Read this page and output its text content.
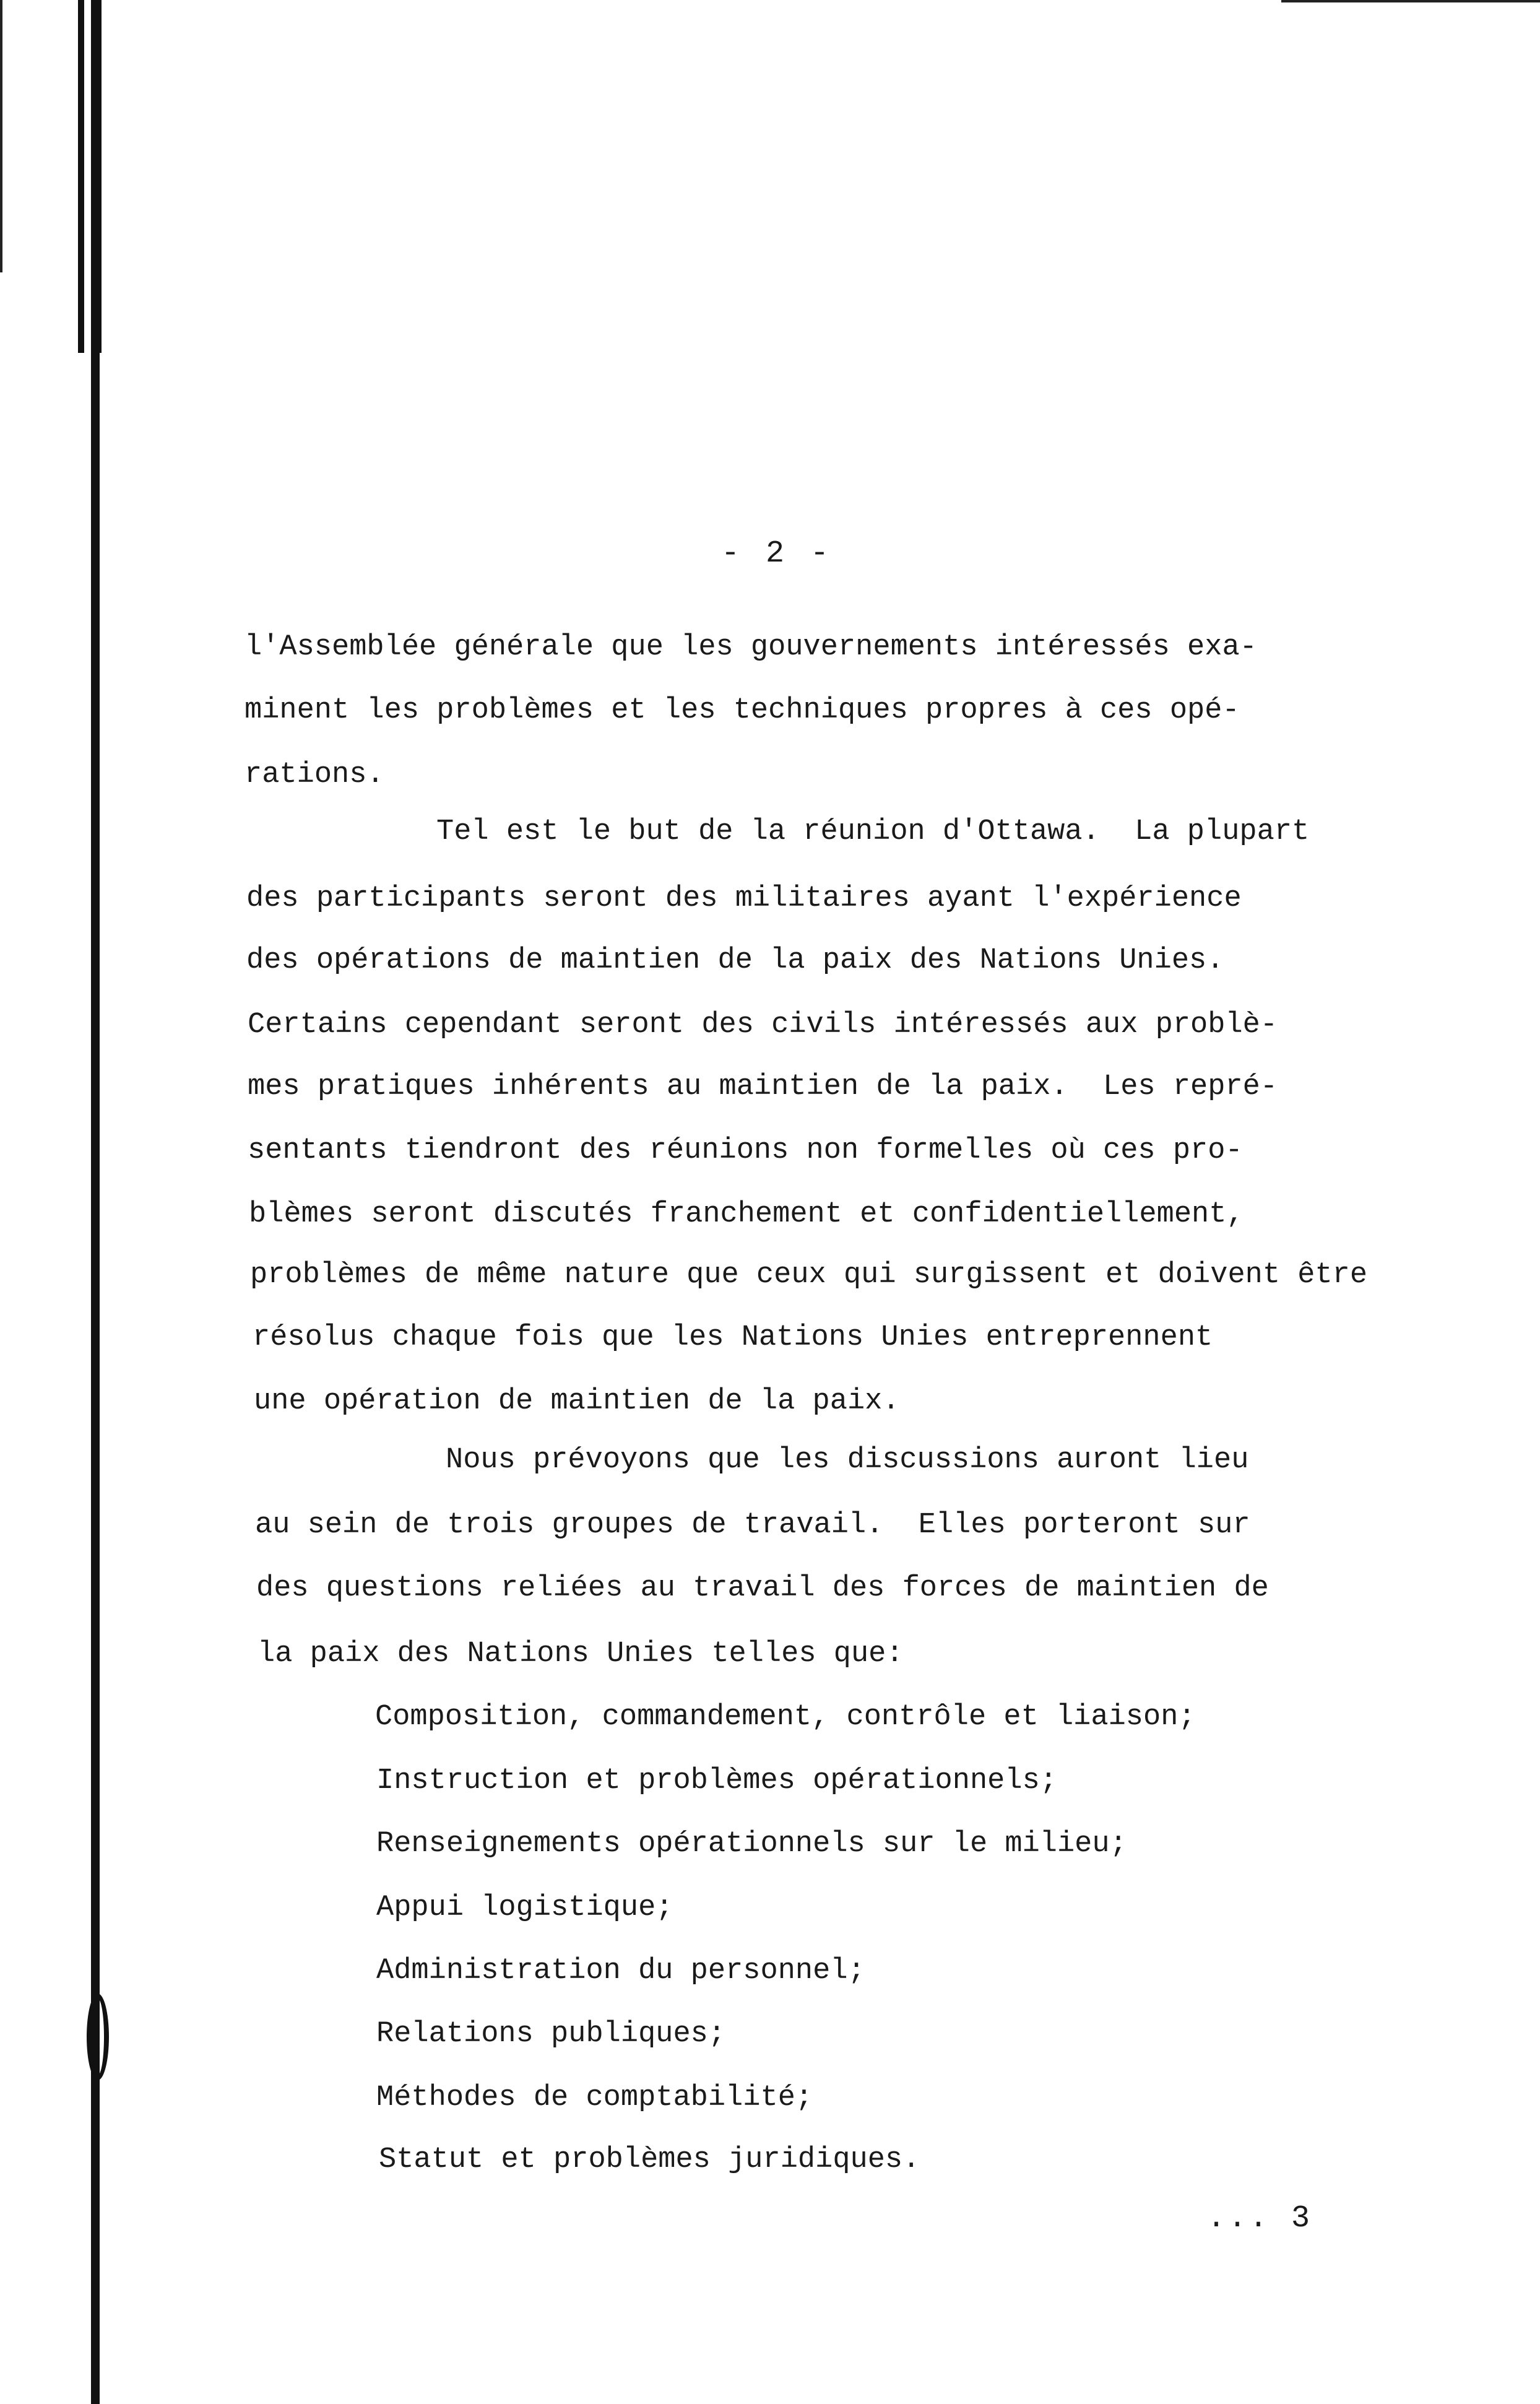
- 2 -
l'Assemblée générale que les gouvernements intéressés exa-
minent les problèmes et les techniques propres à ces opé-
rations.
Tel est le but de la réunion d'Ottawa.  La plupart
des participants seront des militaires ayant l'expérience
des opérations de maintien de la paix des Nations Unies.
Certains cependant seront des civils intéressés aux problè-
mes pratiques inhérents au maintien de la paix.  Les repré-
sentants tiendront des réunions non formelles où ces pro-
blèmes seront discutés franchement et confidentiellement,
problèmes de même nature que ceux qui surgissent et doivent être
résolus chaque fois que les Nations Unies entreprennent
une opération de maintien de la paix.
Nous prévoyons que les discussions auront lieu
au sein de trois groupes de travail.  Elles porteront sur
des questions reliées au travail des forces de maintien de
la paix des Nations Unies telles que:
Composition, commandement, contrôle et liaison;
Instruction et problèmes opérationnels;
Renseignements opérationnels sur le milieu;
Appui logistique;
Administration du personnel;
Relations publiques;
Méthodes de comptabilité;
Statut et problèmes juridiques.
... 3
